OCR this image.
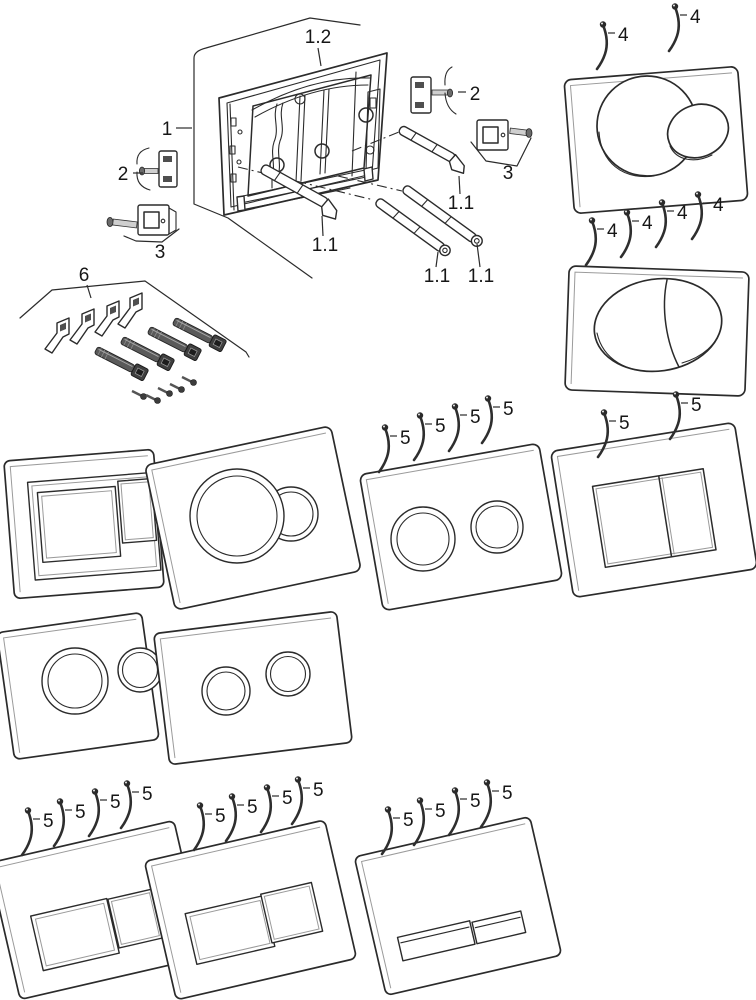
4
4
4 4 4 4
5
5
5
5 5 5
5 5 5 5
5 5 5 5
5 5 5 5
1
1.2
1.1
1.1
1.1 1.1
2
2
3
3
6
